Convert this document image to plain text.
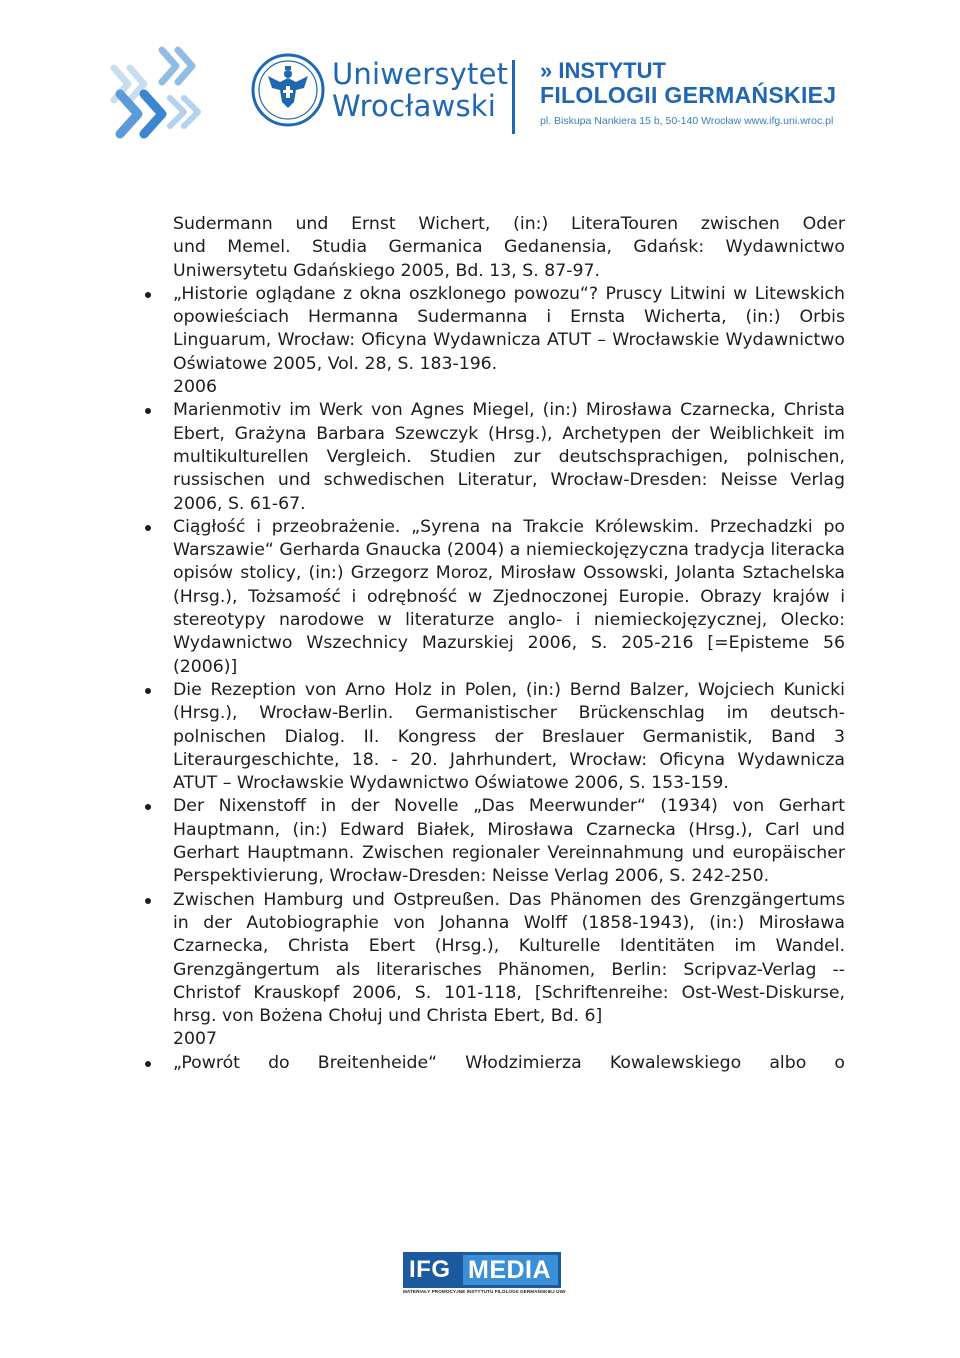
Uniwersytet
Wrocławski
» INSTYTUT
FILOLOGII GERMAŃSKIEJ
pl. Biskupa Nankiera 15 b, 50-140 Wrocław www.ifg.uni.wroc.pl

Sudermann und Ernst Wichert, (in:) LiteraTouren zwischen Oder

und Memel. Studia Germanica Gedanensia, Gdańsk: Wydawnictwo

Uniwersytetu Gdańskiego 2005, Bd. 13, S. 87-97.

„Historie oglądane z okna oszklonego powozu“? Pruscy Litwini w Litewskich opowieściach Hermanna Sudermanna i Ernsta Wicherta, (in:) Orbis Linguarum, Wrocław: Oficyna Wydawnicza ATUT – Wrocławskie Wydawnictwo Oświatowe 2005, Vol. 28, S. 183-196.

2006

Marienmotiv im Werk von Agnes Miegel, (in:) Mirosława Czarnecka, Christa Ebert, Grażyna Barbara Szewczyk (Hrsg.), Archetypen der Weiblichkeit im multikulturellen Vergleich. Studien zur deutschsprachigen, polnischen, russischen und schwedischen Literatur, Wrocław-Dresden: Neisse Verlag 2006, S. 61-67.

Ciągłość i przeobrażenie. „Syrena na Trakcie Królewskim. Przechadzki po Warszawie“ Gerharda Gnaucka (2004) a niemieckojęzyczna tradycja literacka opisów stolicy, (in:) Grzegorz Moroz, Mirosław Ossowski, Jolanta Sztachelska (Hrsg.), Tożsamość i odrębność w Zjednoczonej Europie. Obrazy krajów i stereotypy narodowe w literaturze anglo- i niemieckojęzycznej, Olecko: Wydawnictwo Wszechnicy Mazurskiej 2006, S. 205-216 [=Episteme 56 (2006)]

Die Rezeption von Arno Holz in Polen, (in:) Bernd Balzer, Wojciech Kunicki (Hrsg.), Wrocław-Berlin. Germanistischer Brückenschlag im deutsch-polnischen Dialog. II. Kongress der Breslauer Germanistik, Band 3 Literaurgeschichte, 18. - 20. Jahrhundert, Wrocław: Oficyna Wydawnicza ATUT – Wrocławskie Wydawnictwo Oświatowe 2006, S. 153-159.

Der Nixenstoff in der Novelle „Das Meerwunder“ (1934) von Gerhart Hauptmann, (in:) Edward Białek, Mirosława Czarnecka (Hrsg.), Carl und Gerhart Hauptmann. Zwischen regionaler Vereinnahmung und europäischer Perspektivierung, Wrocław-Dresden: Neisse Verlag 2006, S. 242-250.

Zwischen Hamburg und Ostpreußen. Das Phänomen des Grenzgängertums in der Autobiographie von Johanna Wolff (1858-1943), (in:) Mirosława Czarnecka, Christa Ebert (Hrsg.), Kulturelle Identitäten im Wandel. Grenzgängertum als literarisches Phänomen, Berlin: Scripvaz-Verlag -- Christof Krauskopf 2006, S. 101-118, [Schriftenreihe: Ost-West-Diskurse, hrsg. von Bożena Chołuj und Christa Ebert, Bd. 6]

2007

„Powrót do Breitenheide“ Włodzimierza Kowalewskiego albo o

IFG MEDIA
MATERIAŁY PROMOCYJNE INSTYTUTU FILOLOGII GERMAŃSKIEJ UWr
